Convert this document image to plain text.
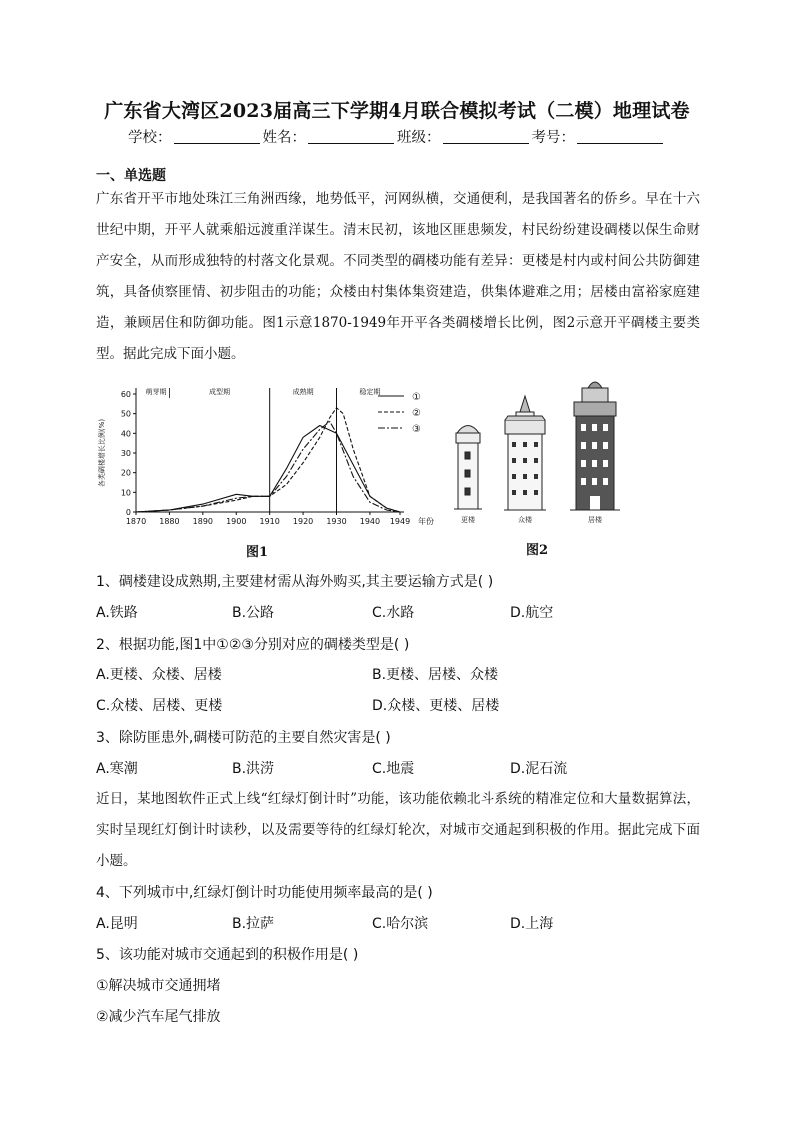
广东省大湾区2023届高三下学期4月联合模拟考试（二模）地理试卷
学校：	姓名：	班级：	考号：
一、单选题
广东省开平市地处珠江三角洲西缘，地势低平，河网纵横，交通便利，是我国著名的侨乡。早在十六世纪中期，开平人就乘船远渡重洋谋生。清末民初，该地区匪患频发，村民纷纷建设碉楼以保生命财产安全，从而形成独特的村落文化景观。不同类型的碉楼功能有差异：更楼是村内或村间公共防御建筑，具备侦察匪情、初步阻击的功能；众楼由村集体集资建造，供集体避难之用；居楼由富裕家庭建造，兼顾居住和防御功能。图1示意1870-1949年开平各类碉楼增长比例，图2示意开平碉楼主要类型。据此完成下面小题。
0
10
20
30
40
50
60
1870 1880 1890 1900 1910 1920 1930 1940 1949 年份
各类碉楼增长比例(%)
萌芽期	成型期	成熟期	稳定期	①
②
③
图1
更楼	众楼	居楼
图2
1、碉楼建设成熟期,主要建材需从海外购买,其主要运输方式是( )
A.铁路	B.公路	C.水路	D.航空
2、根据功能,图1中①②③分别对应的碉楼类型是( )
A.更楼、众楼、居楼	B.更楼、居楼、众楼
C.众楼、居楼、更楼	D.众楼、更楼、居楼
3、除防匪患外,碉楼可防范的主要自然灾害是( )
A.寒潮	B.洪涝	C.地震	D.泥石流
近日，某地图软件正式上线“红绿灯倒计时”功能，该功能依赖北斗系统的精准定位和大量数据算法，实时呈现红灯倒计时读秒，以及需要等待的红绿灯轮次，对城市交通起到积极的作用。据此完成下面小题。
4、下列城市中,红绿灯倒计时功能使用频率最高的是( )
A.昆明	B.拉萨	C.哈尔滨	D.上海
5、该功能对城市交通起到的积极作用是( )
①解决城市交通拥堵
②减少汽车尾气排放
